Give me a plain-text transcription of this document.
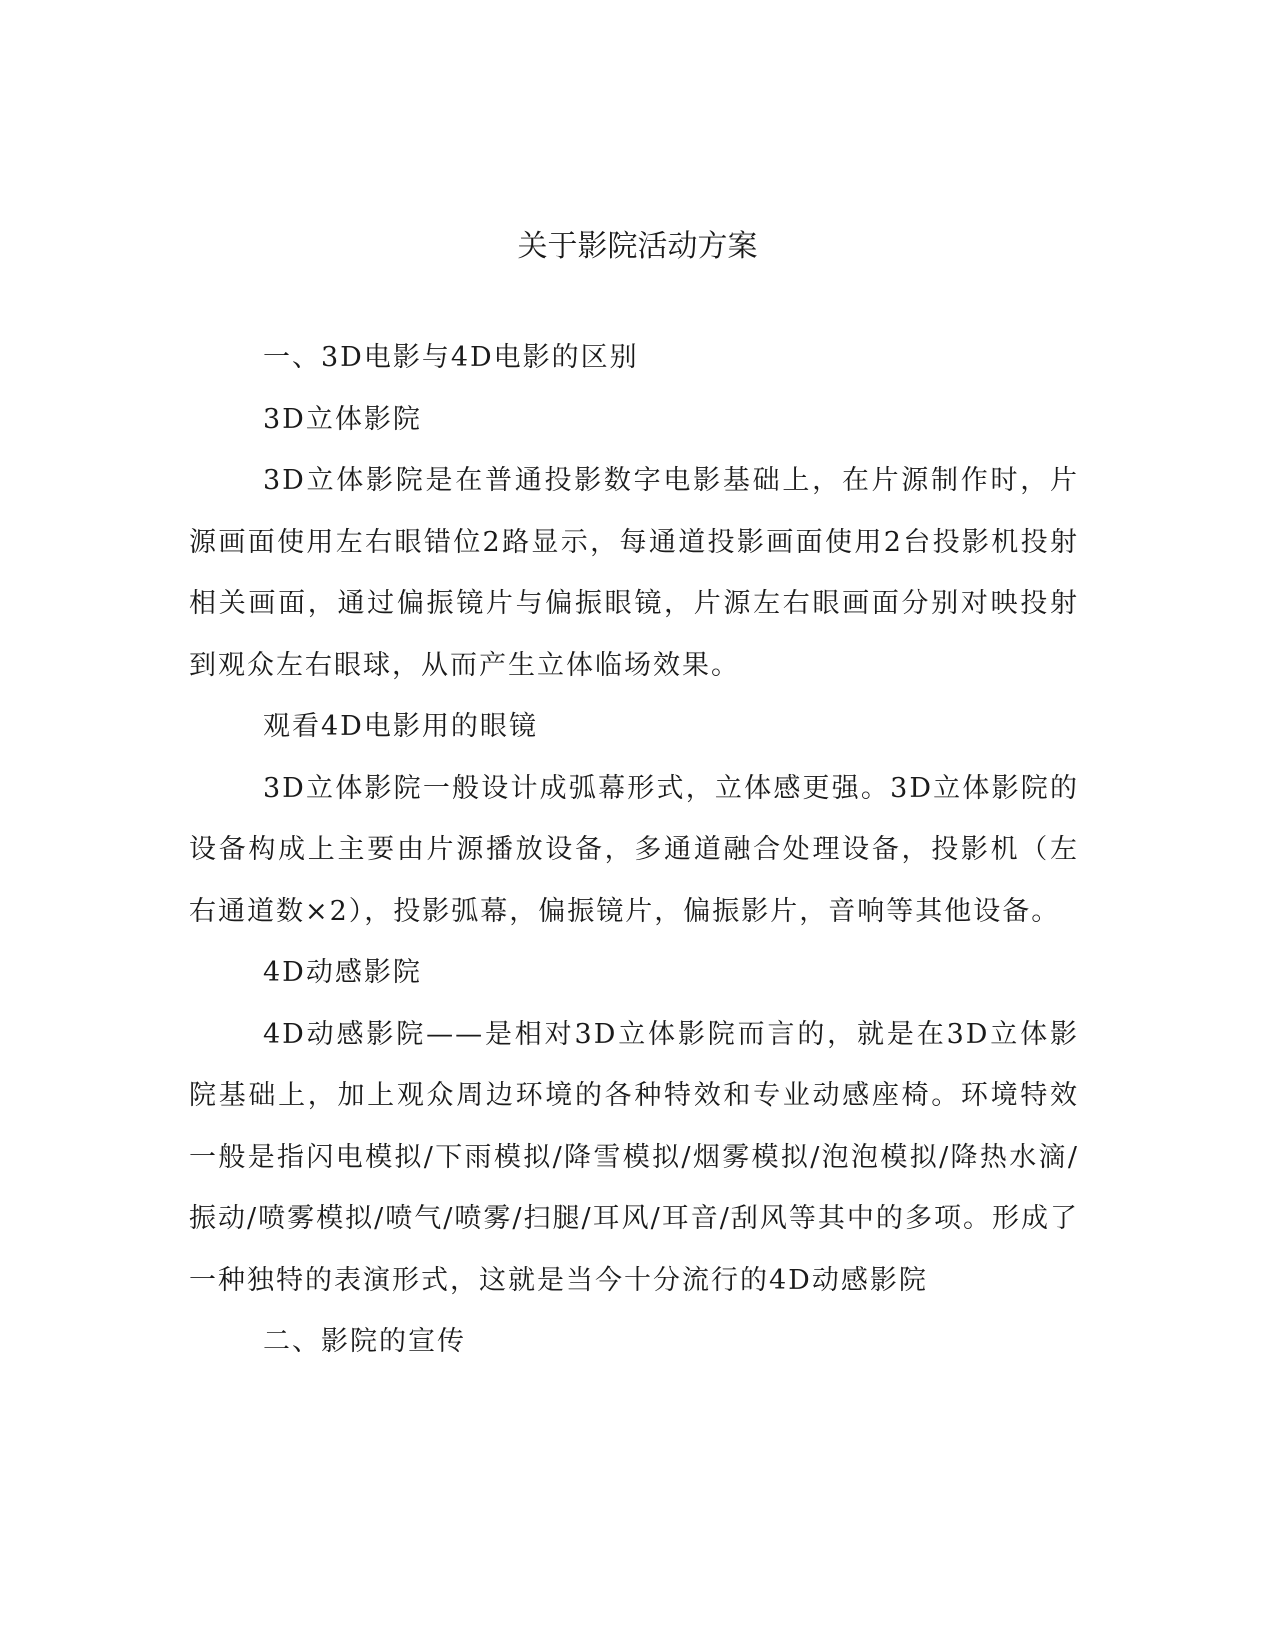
关于影院活动方案

一、3D电影与4D电影的区别

3D立体影院

3D立体影院是在普通投影数字电影基础上，在片源制作时，片源画面使用左右眼错位2路显示，每通道投影画面使用2台投影机投射相关画面，通过偏振镜片与偏振眼镜，片源左右眼画面分别对映投射到观众左右眼球，从而产生立体临场效果。

观看4D电影用的眼镜

3D立体影院一般设计成弧幕形式，立体感更强。3D立体影院的设备构成上主要由片源播放设备，多通道融合处理设备，投影机（左右通道数×2），投影弧幕，偏振镜片，偏振影片，音响等其他设备。

4D动感影院

4D动感影院——是相对3D立体影院而言的，就是在3D立体影院基础上，加上观众周边环境的各种特效和专业动感座椅。环境特效一般是指闪电模拟/下雨模拟/降雪模拟/烟雾模拟/泡泡模拟/降热水滴/振动/喷雾模拟/喷气/喷雾/扫腿/耳风/耳音/刮风等其中的多项。形成了一种独特的表演形式，这就是当今十分流行的4D动感影院

二、影院的宣传
